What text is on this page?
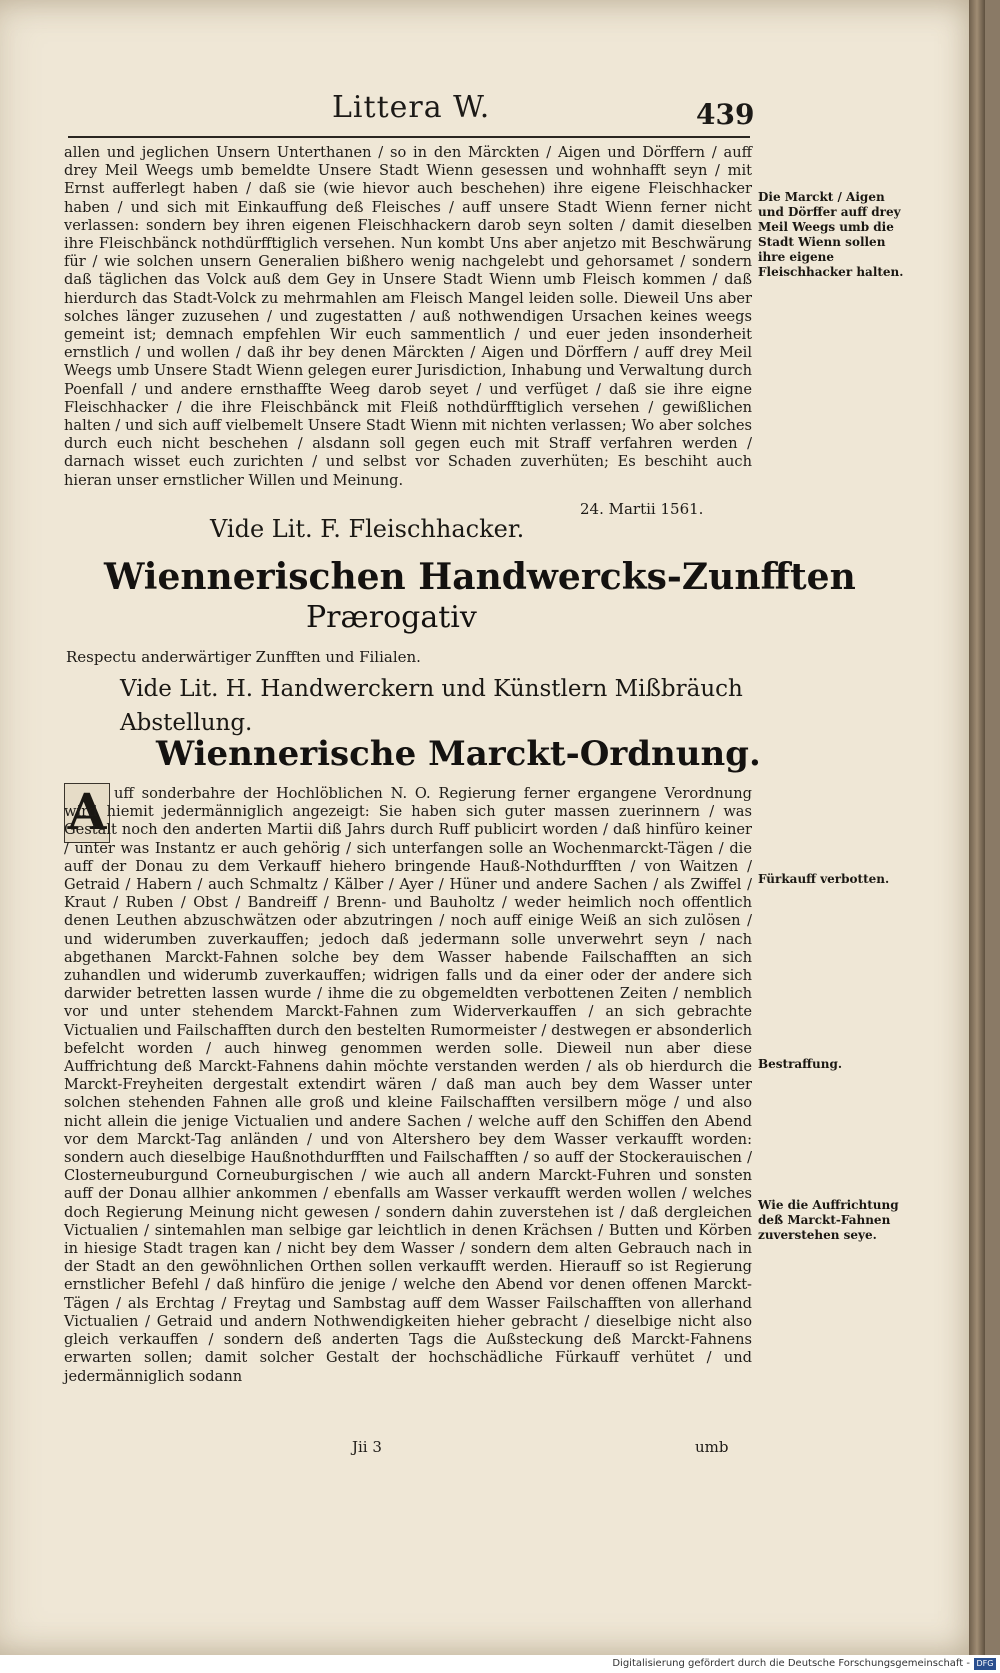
Littera W.	439
allen und jeglichen Unsern Unterthanen / so in den Märckten / Aigen und Dörffern / auff drey Meil Weegs umb bemeldte Unsere Stadt Wienn gesessen und wohnhafft seyn / mit Ernst aufferlegt haben / daß sie (wie hievor auch beschehen) ihre eigene Fleischhacker haben / und sich mit Einkauffung deß Fleisches / auff unsere Stadt Wienn ferner nicht verlassen: sondern bey ihren eigenen Fleischhackern darob seyn solten / damit dieselben ihre Fleischbänck nothdürfftiglich versehen. Nun kombt Uns aber anjetzo mit Beschwärung für / wie solchen unsern Generalien bißhero wenig nachgelebt und gehorsamet / sondern daß täglichen das Volck auß dem Gey in Unsere Stadt Wienn umb Fleisch kommen / daß hierdurch das Stadt-Volck zu mehrmahlen am Fleisch Mangel leiden solle. Dieweil Uns aber solches länger zuzusehen / und zugestatten / auß nothwendigen Ursachen keines weegs gemeint ist; demnach empfehlen Wir euch sammentlich / und euer jeden insonderheit ernstlich / und wollen / daß ihr bey denen Märckten / Aigen und Dörffern / auff drey Meil Weegs umb Unsere Stadt Wienn gelegen eurer Jurisdiction, Inhabung und Verwaltung durch Poenfall / und andere ernsthaffte Weeg darob seyet / und verfüget / daß sie ihre eigne Fleischhacker / die ihre Fleischbänck mit Fleiß nothdürfftiglich versehen / gewißlichen halten / und sich auff vielbemelt Unsere Stadt Wienn mit nichten verlassen; Wo aber solches durch euch nicht beschehen / alsdann soll gegen euch mit Straff verfahren werden / darnach wisset euch zurichten / und selbst vor Schaden zuverhüten; Es beschiht auch hieran unser ernstlicher Willen und Meinung.
24. Martii 1561.
Vide Lit. F. Fleischhacker.
Wiennerischen Handwercks-Zunfften
Prærogativ
Respectu anderwärtiger Zunfften und Filialen.
Vide Lit. H. Handwerckern und Künstlern Mißbräuch Abstellung.
Wiennerische Marckt-Ordnung.
A uff sonderbahre der Hochlöblichen N. O. Regierung ferner ergangene Verordnung wird hiemit jedermänniglich angezeigt: Sie haben sich guter massen zuerinnern / was Gestalt noch den anderten Martii diß Jahrs durch Ruff publicirt worden / daß hinfüro keiner / unter was Instantz er auch gehörig / sich unterfangen solle an Wochenmarckt-Tägen / die auff der Donau zu dem Verkauff hiehero bringende Hauß-Nothdurfften / von Waitzen / Getraid / Habern / auch Schmaltz / Kälber / Ayer / Hüner und andere Sachen / als Zwiffel / Kraut / Ruben / Obst / Bandreiff / Brenn- und Bauholtz / weder heimlich noch offentlich denen Leuthen abzuschwätzen oder abzutringen / noch auff einige Weiß an sich zulösen / und widerumben zuverkauffen; jedoch daß jedermann solle unverwehrt seyn / nach abgethanen Marckt-Fahnen solche bey dem Wasser habende Failschafften an sich zuhandlen und widerumb zuverkauffen; widrigen falls und da einer oder der andere sich darwider betretten lassen wurde / ihme die zu obgemeldten verbottenen Zeiten / nemblich vor und unter stehendem Marckt-Fahnen zum Widerverkauffen / an sich gebrachte Victualien und Failschafften durch den bestelten Rumormeister / destwegen er absonderlich befelcht worden / auch hinweg genommen werden solle. Dieweil nun aber diese Auffrichtung deß Marckt-Fahnens dahin möchte verstanden werden / als ob hierdurch die Marckt-Freyheiten dergestalt extendirt wären / daß man auch bey dem Wasser unter solchen stehenden Fahnen alle groß und kleine Failschafften versilbern möge / und also nicht allein die jenige Victualien und andere Sachen / welche auff den Schiffen den Abend vor dem Marckt-Tag anländen / und von Altershero bey dem Wasser verkaufft worden: sondern auch dieselbige Haußnothdurfften und Failschafften / so auff der Stockerauischen / Closterneuburgund Corneuburgischen / wie auch all andern Marckt-Fuhren und sonsten auff der Donau allhier ankommen / ebenfalls am Wasser verkaufft werden wollen / welches doch Regierung Meinung nicht gewesen / sondern dahin zuverstehen ist / daß dergleichen Victualien / sintemahlen man selbige gar leichtlich in denen Krächsen / Butten und Körben in hiesige Stadt tragen kan / nicht bey dem Wasser / sondern dem alten Gebrauch nach in der Stadt an den gewöhnlichen Orthen sollen verkaufft werden. Hierauff so ist Regierung ernstlicher Befehl / daß hinfüro die jenige / welche den Abend vor denen offenen Marckt-Tägen / als Erchtag / Freytag und Sambstag auff dem Wasser Failschafften von allerhand Victualien / Getraid und andern Nothwendigkeiten hieher gebracht / dieselbige nicht also gleich verkauffen / sondern deß anderten Tags die Außsteckung deß Marckt-Fahnens erwarten sollen; damit solcher Gestalt der hochschädliche Fürkauff verhütet / und jedermänniglich sodann
Die Marckt / Aigen und Dörffer auff drey Meil Weegs umb die Stadt Wienn sollen ihre eigene Fleischhacker halten.
Fürkauff verbotten.
Bestraffung.
Wie die Auffrichtung deß Marckt-Fahnen zuverstehen seye.
Jii 3	umb
Digitalisierung gefördert durch die Deutsche Forschungsgemeinschaft - DFG
